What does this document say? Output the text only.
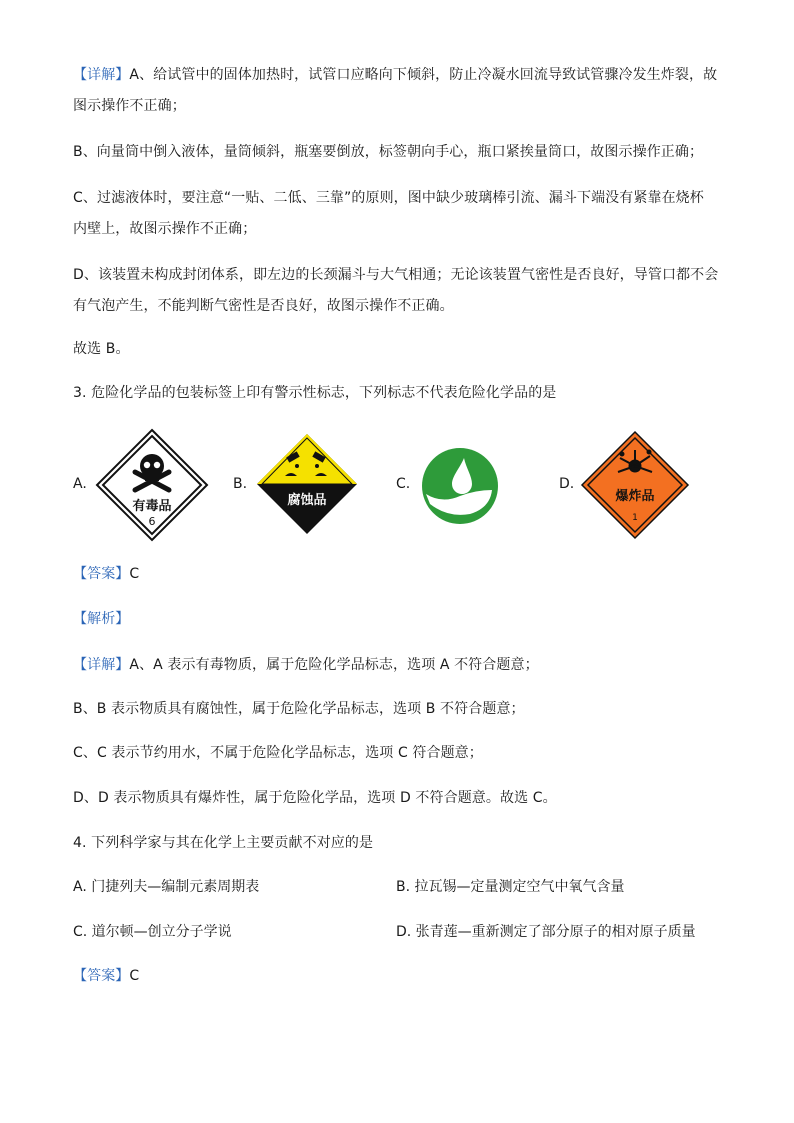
【详解】A、给试管中的固体加热时，试管口应略向下倾斜，防止冷凝水回流导致试管骤冷发生炸裂，故

图示操作不正确；

B、向量筒中倒入液体，量筒倾斜，瓶塞要倒放，标签朝向手心，瓶口紧挨量筒口，故图示操作正确；

C、过滤液体时，要注意“一贴、二低、三靠”的原则，图中缺少玻璃棒引流、漏斗下端没有紧靠在烧杯

内壁上，故图示操作不正确；

D、该装置未构成封闭体系，即左边的长颈漏斗与大气相通；无论该装置气密性是否良好，导管口都不会

有气泡产生，不能判断气密性是否良好，故图示操作不正确。

故选 B。

3. 危险化学品的包装标签上印有警示性标志，下列标志不代表危险化学品的是

A.
有毒品
6
B.
腐蚀品
C.	D.
爆炸品
1

【答案】C

【解析】

【详解】A、A 表示有毒物质，属于危险化学品标志，选项 A 不符合题意；

B、B 表示物质具有腐蚀性，属于危险化学品标志，选项 B 不符合题意；

C、C 表示节约用水，不属于危险化学品标志，选项 C 符合题意；

D、D 表示物质具有爆炸性，属于危险化学品，选项 D 不符合题意。故选 C。

4. 下列科学家与其在化学上主要贡献不对应的是

A. 门捷列夫—编制元素周期表	B. 拉瓦锡—定量测定空气中氧气含量
C. 道尔顿—创立分子学说	D. 张青莲—重新测定了部分原子的相对原子质量

【答案】C
